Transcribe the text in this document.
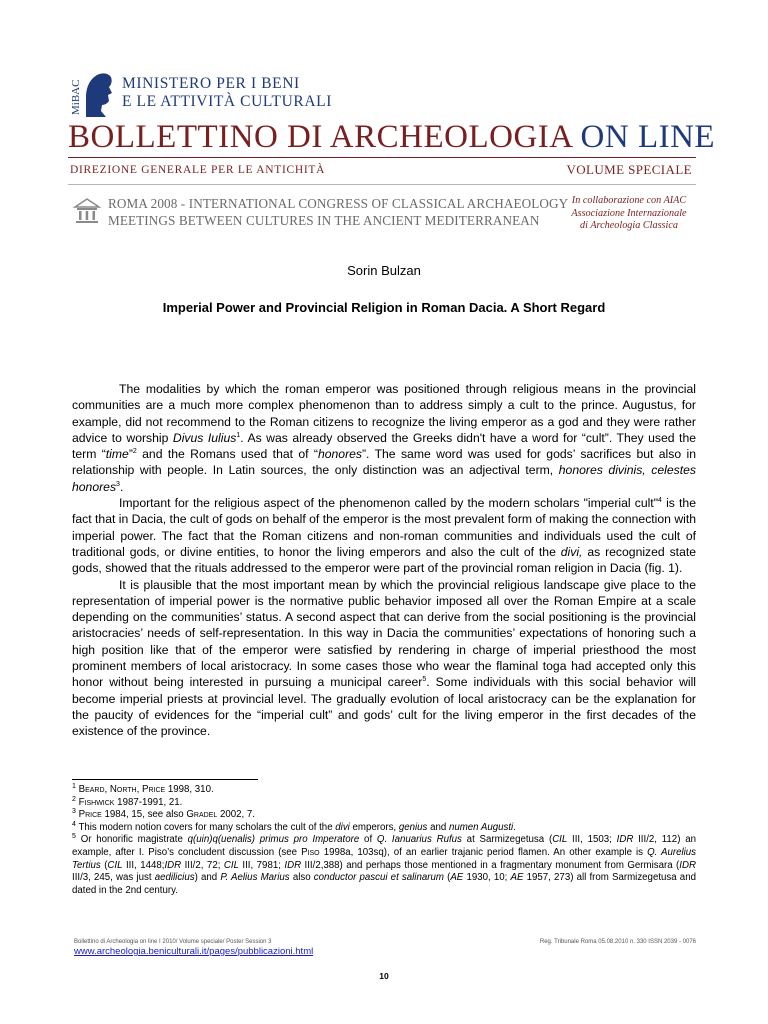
MiBAC	MINISTERO PER I BENI
E LE ATTIVITÀ CULTURALI
BOLLETTINO DI ARCHEOLOGIA ON LINE
DIREZIONE GENERALE PER LE ANTICHITÀ	VOLUME SPECIALE
ROMA 2008 - INTERNATIONAL CONGRESS OF CLASSICAL ARCHAEOLOGY
MEETINGS BETWEEN CULTURES IN THE ANCIENT MEDITERRANEAN
In collaborazione con AIAC
Associazione Internazionale
di Archeologia Classica
Sorin Bulzan
Imperial Power and Provincial Religion in Roman Dacia. A Short Regard

The modalities by which the roman emperor was positioned through religious means in the provincial communities are a much more complex phenomenon than to address simply a cult to the prince. Augustus, for example, did not recommend to the Roman citizens to recognize the living emperor as a god and they were rather advice to worship Divus Iulius$^1$. As was already observed the Greeks didn't have a word for “cult”. They used the term “time”$^2$ and the Romans used that of “honores”. The same word was used for gods’ sacrifices but also in relationship with people. In Latin sources, the only distinction was an adjectival term, honores divinis, celestes honores$^3$.

Important for the religious aspect of the phenomenon called by the modern scholars "imperial cult"$^4$ is the fact that in Dacia, the cult of gods on behalf of the emperor is the most prevalent form of making the connection with imperial power. The fact that the Roman citizens and non-roman communities and individuals used the cult of traditional gods, or divine entities, to honor the living emperors and also the cult of the divi, as recognized state gods, showed that the rituals addressed to the emperor were part of the provincial roman religion in Dacia (fig. 1).

It is plausible that the most important mean by which the provincial religious landscape give place to the representation of imperial power is the normative public behavior imposed all over the Roman Empire at a scale depending on the communities’ status. A second aspect that can derive from the social positioning is the provincial aristocracies’ needs of self-representation. In this way in Dacia the communities’ expectations of honoring such a high position like that of the emperor were satisfied by rendering in charge of imperial priesthood the most prominent members of local aristocracy. In some cases those who wear the flaminal toga had accepted only this honor without being interested in pursuing a municipal career$^5$. Some individuals with this social behavior will become imperial priests at provincial level. The gradually evolution of local aristocracy can be the explanation for the paucity of evidences for the “imperial cult” and gods’ cult for the living emperor in the first decades of the existence of the province.

$^1$ Beard, North, Price 1998, 310.
$^2$ Fishwick 1987-1991, 21.
$^3$ Price 1984, 15, see also Gradel 2002, 7.
$^4$ This modern notion covers for many scholars the cult of the divi emperors, genius and numen Augusti.
$^5$ Or honorific magistrate q(uin)q(uenalis) primus pro Imperatore of Q. Ianuarius Rufus at Sarmizegetusa (CIL III, 1503; IDR III/2, 112) an example, after I. Piso’s concludent discussion (see Piso 1998a, 103sq), of an earlier trajanic period flamen. An other example is Q. Aurelius Tertius (CIL III, 1448;IDR III/2, 72; CIL III, 7981; IDR III/2,388) and perhaps those mentioned in a fragmentary monument from Germisara (IDR III/3, 245, was just aedilicius) and P. Aelius Marius also conductor pascui et salinarum (AE 1930, 10; AE 1957, 273) all from Sarmizegetusa and dated in the 2nd century.
Bollettino di Archeologia on line I 2010/ Volume speciale/ Poster Session 3	Reg. Tribunale Roma 05.08.2010 n. 330 ISSN 2039 - 0076
www.archeologia.beniculturali.it/pages/pubblicazioni.html
10
